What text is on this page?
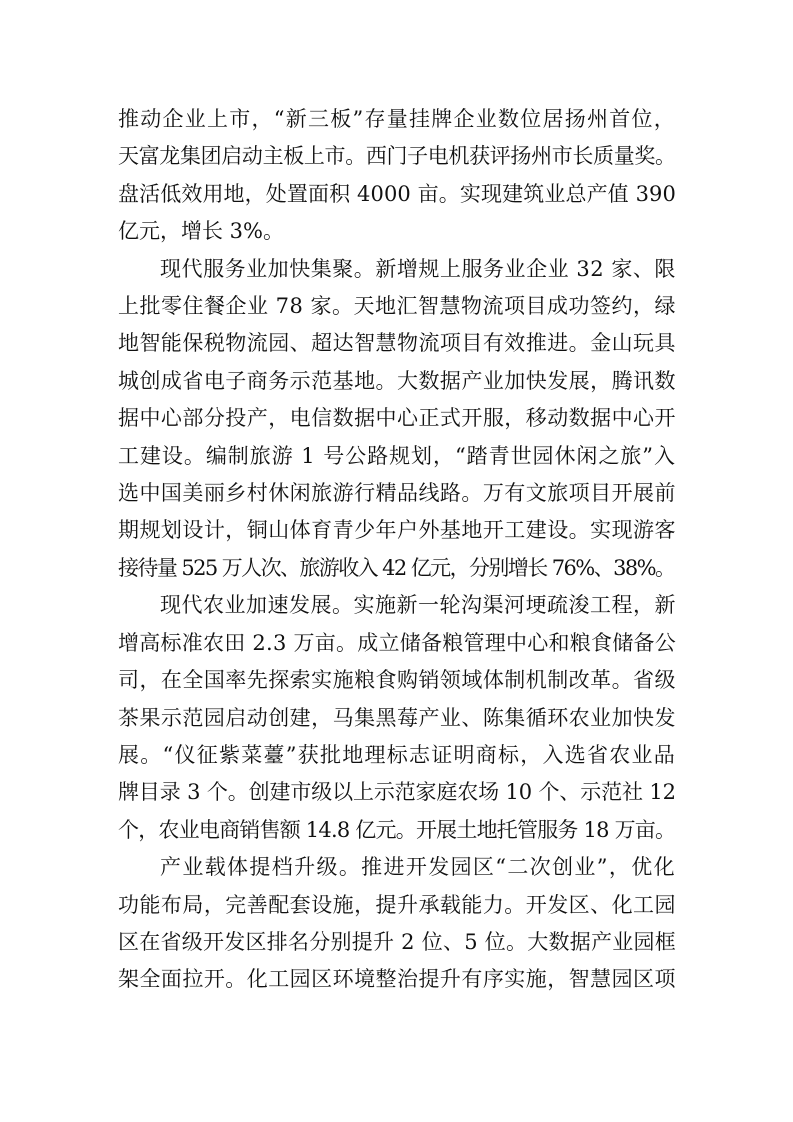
推动企业上市，“新三板”存量挂牌企业数位居扬州首位，
天富龙集团启动主板上市。西门子电机获评扬州市长质量奖。
盘活低效用地，处置面积 4000 亩。实现建筑业总产值 390
亿元，增长 3%。
现代服务业加快集聚。新增规上服务业企业 32 家、限
上批零住餐企业 78 家。天地汇智慧物流项目成功签约，绿
地智能保税物流园、超达智慧物流项目有效推进。金山玩具
城创成省电子商务示范基地。大数据产业加快发展，腾讯数
据中心部分投产，电信数据中心正式开服，移动数据中心开
工建设。编制旅游 1 号公路规划，“踏青世园休闲之旅”入
选中国美丽乡村休闲旅游行精品线路。万有文旅项目开展前
期规划设计，铜山体育青少年户外基地开工建设。实现游客
接待量 525 万人次、旅游收入 42 亿元，分别增长 76%、38%。
现代农业加速发展。实施新一轮沟渠河埂疏浚工程，新
增高标准农田 2.3 万亩。成立储备粮管理中心和粮食储备公
司，在全国率先探索实施粮食购销领域体制机制改革。省级
茶果示范园启动创建，马集黑莓产业、陈集循环农业加快发
展。“仪征紫菜薹”获批地理标志证明商标，入选省农业品
牌目录 3 个。创建市级以上示范家庭农场 10 个、示范社 12
个，农业电商销售额 14.8 亿元。开展土地托管服务 18 万亩。
产业载体提档升级。推进开发园区“二次创业”，优化
功能布局，完善配套设施，提升承载能力。开发区、化工园
区在省级开发区排名分别提升 2 位、5 位。大数据产业园框
架全面拉开。化工园区环境整治提升有序实施，智慧园区项
